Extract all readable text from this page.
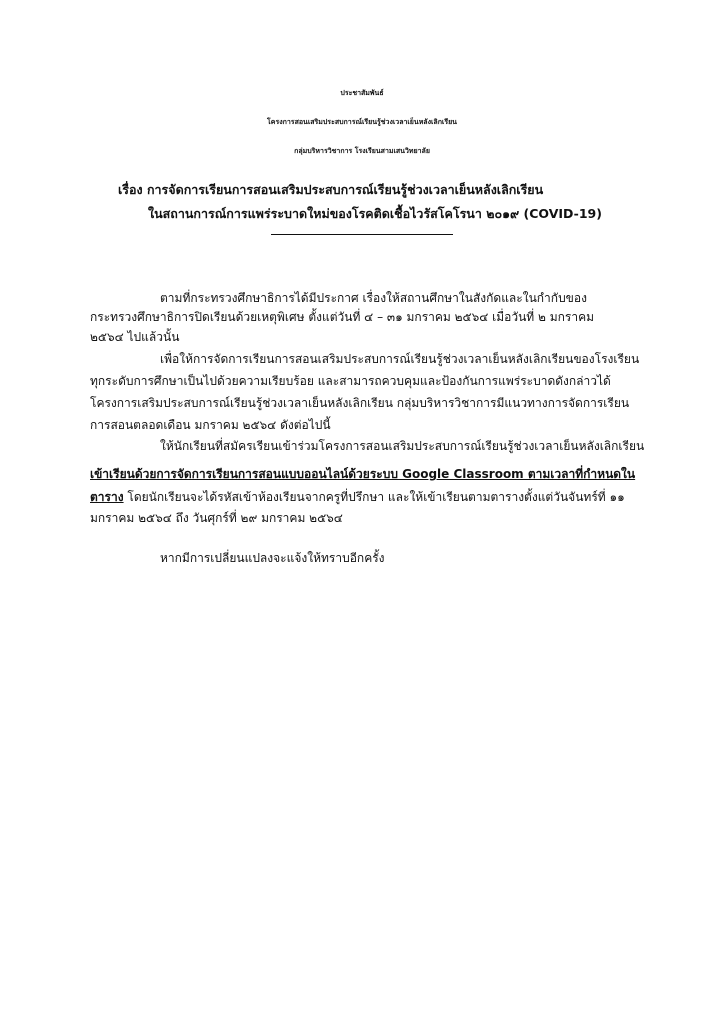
ประชาสัมพันธ์
โครงการสอนเสริมประสบการณ์เรียนรู้ช่วงเวลาเย็นหลังเลิกเรียน
กลุ่มบริหารวิชาการ โรงเรียนสามเสนวิทยาลัย
เรื่อง การจัดการเรียนการสอนเสริมประสบการณ์เรียนรู้ช่วงเวลาเย็นหลังเลิกเรียน
ในสถานการณ์การแพร่ระบาดใหม่ของโรคติดเชื้อไวรัสโคโรนา ๒๐๑๙ (COVID-19)
ตามที่กระทรวงศึกษาธิการได้มีประกาศ เรื่องให้สถานศึกษาในสังกัดและในกำกับของ
กระทรวงศึกษาธิการปิดเรียนด้วยเหตุพิเศษ ตั้งแต่วันที่ ๔ – ๓๑ มกราคม ๒๕๖๔ เมื่อวันที่ ๒ มกราคม
๒๕๖๔ ไปแล้วนั้น
เพื่อให้การจัดการเรียนการสอนเสริมประสบการณ์เรียนรู้ช่วงเวลาเย็นหลังเลิกเรียนของโรงเรียน
ทุกระดับการศึกษาเป็นไปด้วยความเรียบร้อย และสามารถควบคุมและป้องกันการแพร่ระบาดดังกล่าวได้
โครงการเสริมประสบการณ์เรียนรู้ช่วงเวลาเย็นหลังเลิกเรียน กลุ่มบริหารวิชาการมีแนวทางการจัดการเรียน
การสอนตลอดเดือน มกราคม ๒๕๖๔ ดังต่อไปนี้
ให้นักเรียนที่สมัครเรียนเข้าร่วมโครงการสอนเสริมประสบการณ์เรียนรู้ช่วงเวลาเย็นหลังเลิกเรียน
เข้าเรียนด้วยการจัดการเรียนการสอนแบบออนไลน์ด้วยระบบ Google Classroom ตามเวลาที่กำหนดใน
ตาราง โดยนักเรียนจะได้รหัสเข้าห้องเรียนจากครูที่ปรึกษา และให้เข้าเรียนตามตารางตั้งแต่วันจันทร์ที่ ๑๑
มกราคม ๒๕๖๔ ถึง วันศุกร์ที่ ๒๙ มกราคม ๒๕๖๔
หากมีการเปลี่ยนแปลงจะแจ้งให้ทราบอีกครั้ง
